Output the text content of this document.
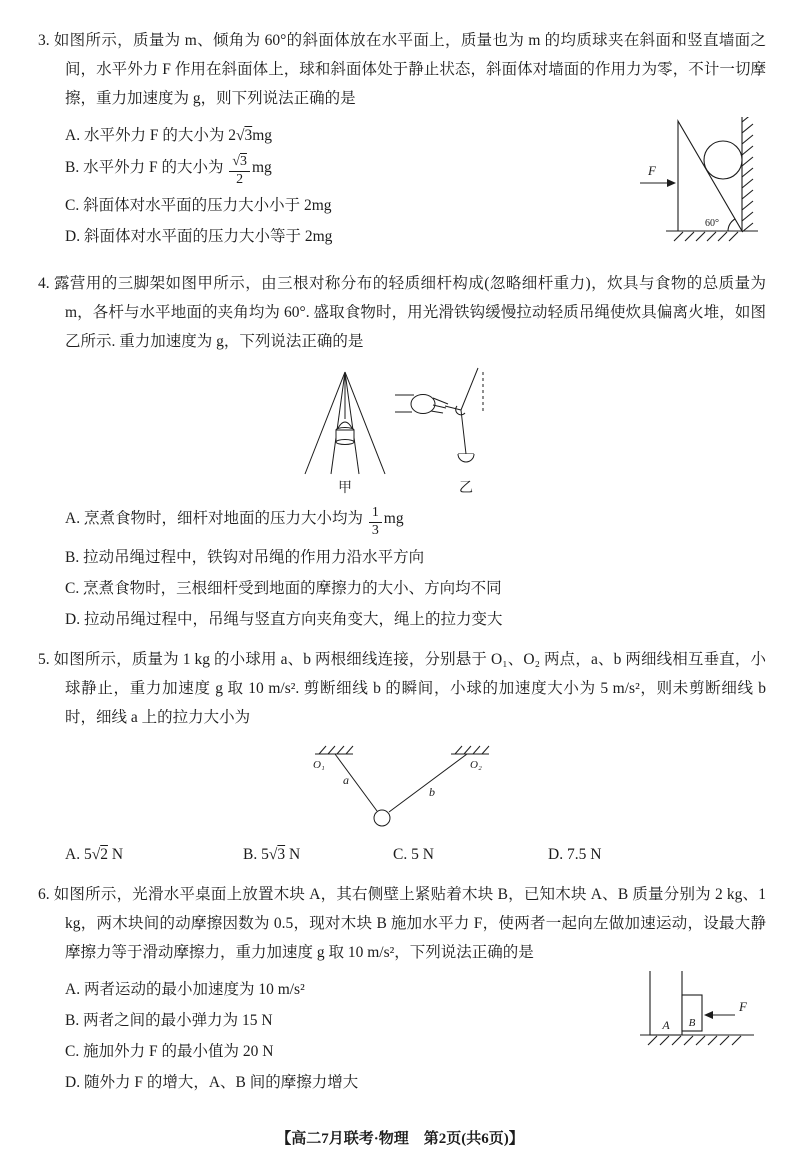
3. 如图所示，质量为 m、倾角为 60°的斜面体放在水平面上，质量也为 m 的均质球夹在斜面和竖直墙面之间，水平外力 F 作用在斜面体上，球和斜面体处于静止状态，斜面体对墙面的作用力为零，不计一切摩擦，重力加速度为 g，则下列说法正确的是

F
60°
A. 水平外力 F 的大小为 2√3mg
B. 水平外力 F 的大小为 $\frac{√3}{2}$ mg
C. 斜面体对水平面的压力大小小于 2mg
D. 斜面体对水平面的压力大小等于 2mg

4. 露营用的三脚架如图甲所示，由三根对称分布的轻质细杆构成(忽略细杆重力)，炊具与食物的总质量为 m，各杆与水平地面的夹角均为 60°. 盛取食物时，用光滑铁钩缓慢拉动轻质吊绳使炊具偏离火堆，如图乙所示. 重力加速度为 g，下列说法正确的是

甲	乙
A. 烹煮食物时，细杆对地面的压力大小均为 $\frac{1}{3}$ mg
B. 拉动吊绳过程中，铁钩对吊绳的作用力沿水平方向
C. 烹煮食物时，三根细杆受到地面的摩擦力的大小、方向均不同
D. 拉动吊绳过程中，吊绳与竖直方向夹角变大，绳上的拉力变大

5. 如图所示，质量为 1 kg 的小球用 a、b 两根细线连接，分别悬于 O₁、O₂ 两点，a、b 两细线相互垂直，小球静止，重力加速度 g 取 10 m/s². 剪断细线 b 的瞬间，小球的加速度大小为 5 m/s²，则未剪断细线 b 时，细线 a 上的拉力大小为

O₁	O₂
a
b
A. 5√2 N	B. 5√3 N	C. 5 N	D. 7.5 N

6. 如图所示，光滑水平桌面上放置木块 A，其右侧壁上紧贴着木块 B，已知木块 A、B 质量分别为 2 kg、1 kg，两木块间的动摩擦因数为 0.5，现对木块 B 施加水平力 F，使两者一起向左做加速运动，设最大静摩擦力等于滑动摩擦力，重力加速度 g 取 10 m/s²，下列说法正确的是

A B
F
A. 两者运动的最小加速度为 10 m/s²
B. 两者之间的最小弹力为 15 N
C. 施加外力 F 的最小值为 20 N
D. 随外力 F 的增大，A、B 间的摩擦力增大
【高二7月联考·物理　第2页(共6页)】
